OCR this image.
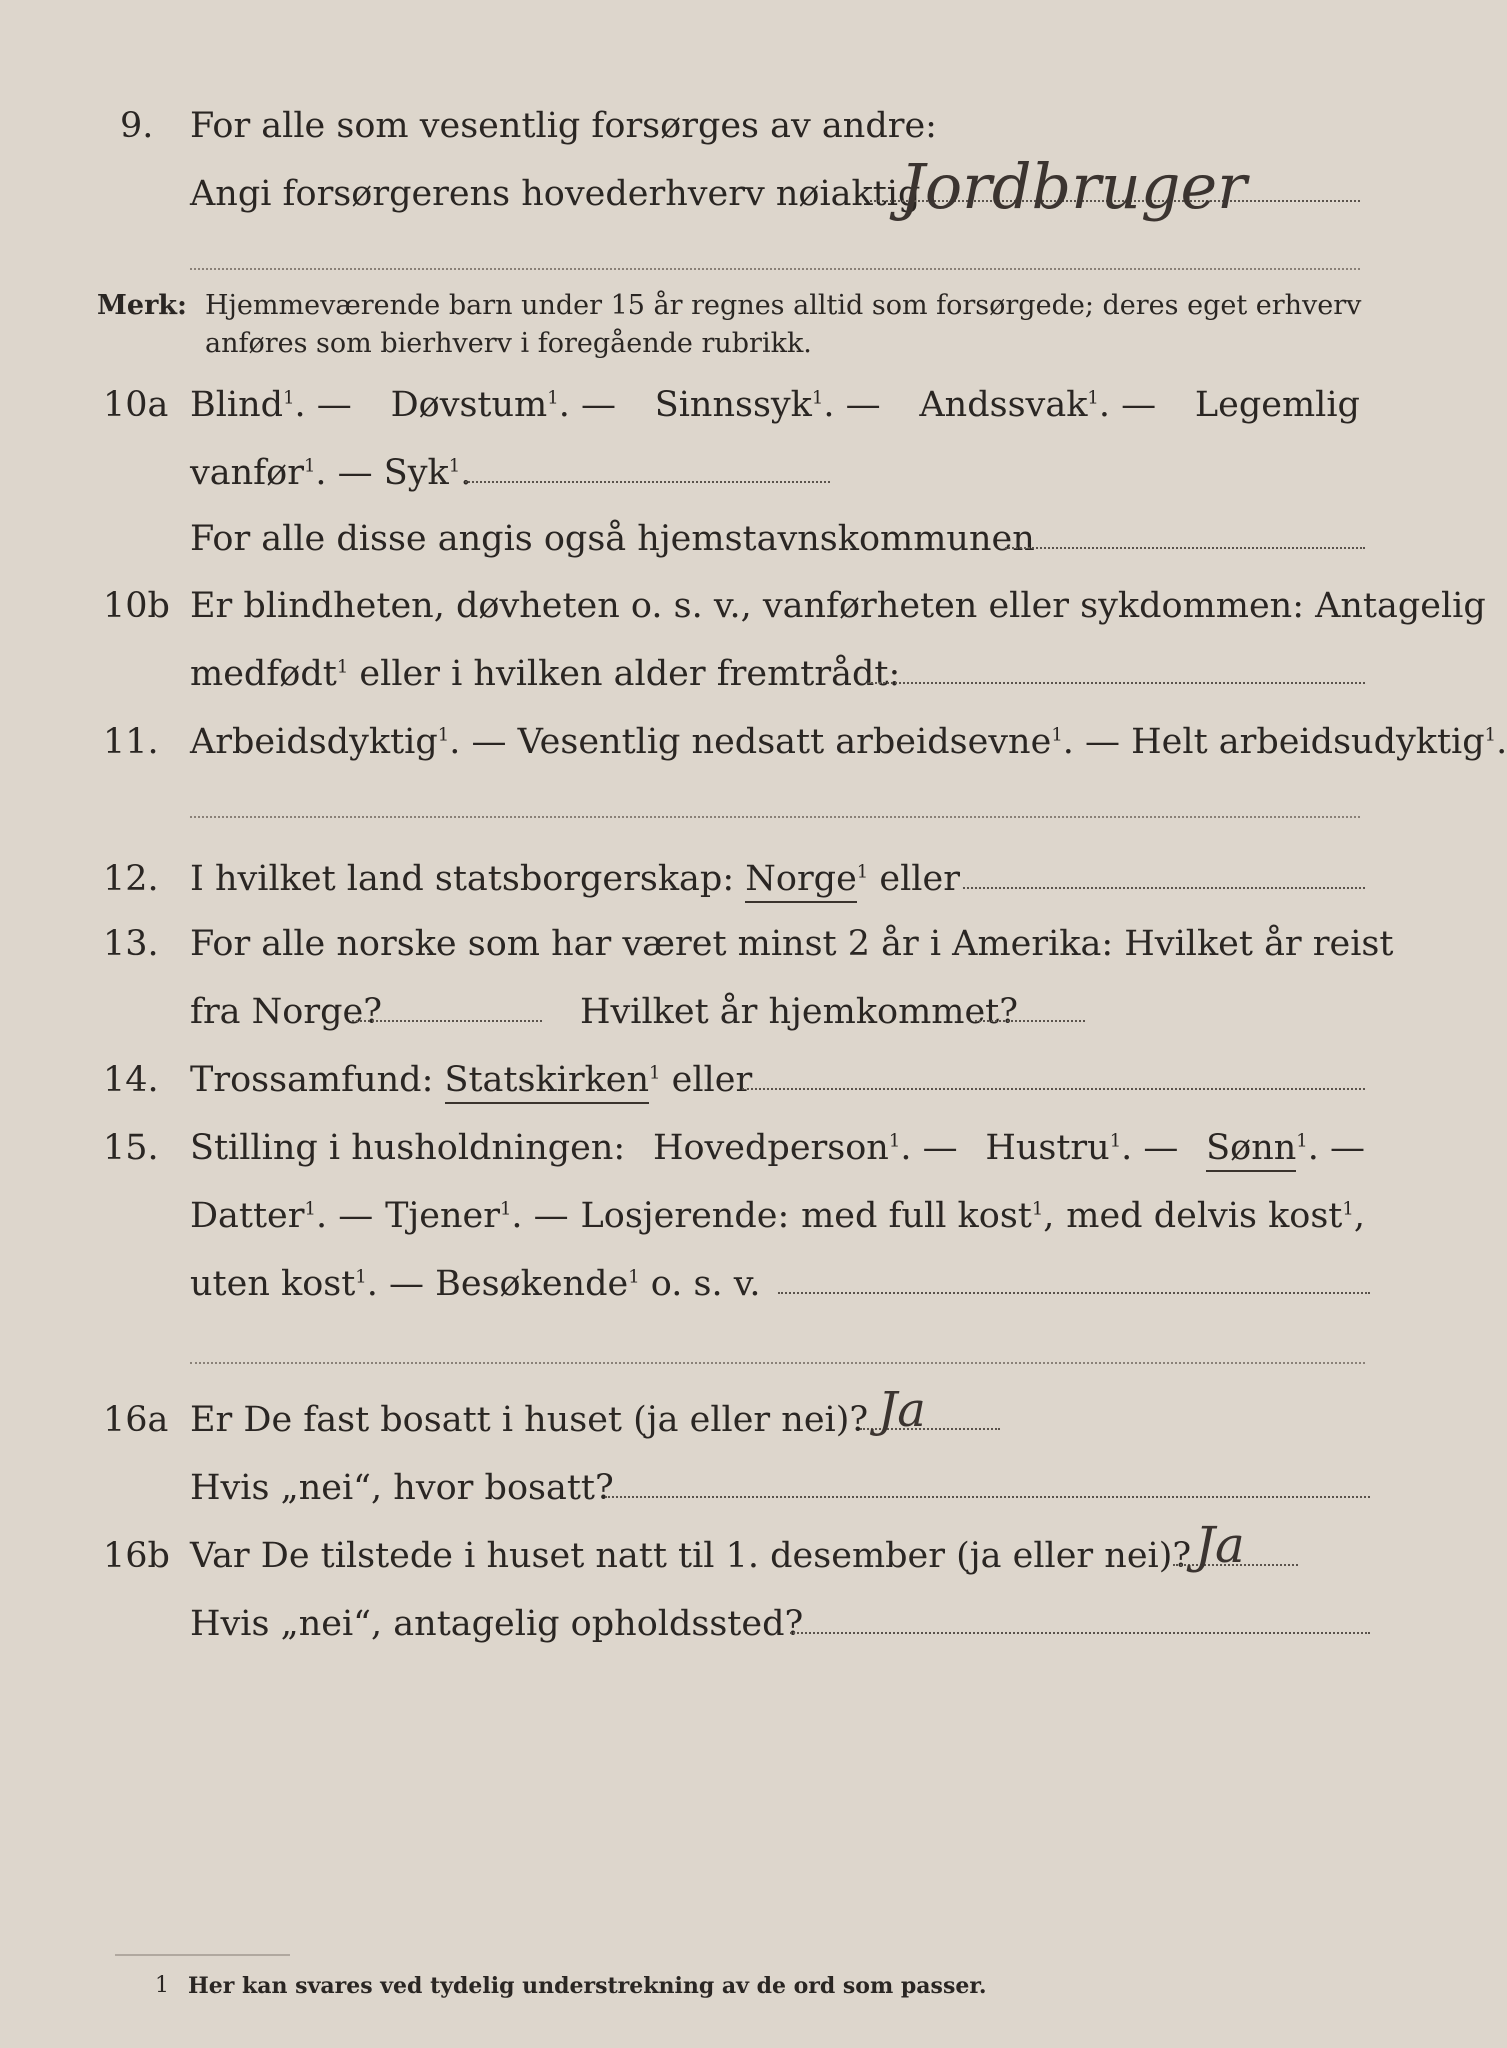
9. For alle som vesentlig forsørges av andre:
Angi forsørgerens hovederhverv nøiaktig
Jordbruger
Merk: Hjemmeværende barn under 15 år regnes alltid som forsørgede; deres eget erhverv
anføres som bierhverv i foregående rubrikk.
10a Blind$^1$. — Døvstum$^1$. — Sinnssyk$^1$. — Andssvak$^1$. — Legemlig
vanfør$^1$. — Syk$^1$.
For alle disse angis også hjemstavnskommunen
10b Er blindheten, døvheten o. s. v., vanførheten eller sykdommen: Antagelig
medfødt$^1$ eller i hvilken alder fremtrådt:
11. Arbeidsdyktig$^1$. — Vesentlig nedsatt arbeidsevne$^1$. — Helt arbeidsudyktig$^1$.
12. I hvilket land statsborgerskap: Norge$^1$ eller
13. For alle norske som har været minst 2 år i Amerika: Hvilket år reist
fra Norge?	Hvilket år hjemkommet?
14. Trossamfund: Statskirken$^1$ eller
15. Stilling i husholdningen: Hovedperson$^1$. — Hustru$^1$. — Sønn$^1$. —
Datter$^1$. — Tjener$^1$. — Losjerende: med full kost$^1$, med delvis kost$^1$,
uten kost$^1$. — Besøkende$^1$ o. s. v.
16a Er De fast bosatt i huset (ja eller nei)? Ja
Hvis „nei“, hvor bosatt?
16b Var De tilstede i huset natt til 1. desember (ja eller nei)? Ja
Hvis „nei“, antagelig opholdssted?
1 Her kan svares ved tydelig understrekning av de ord som passer.
